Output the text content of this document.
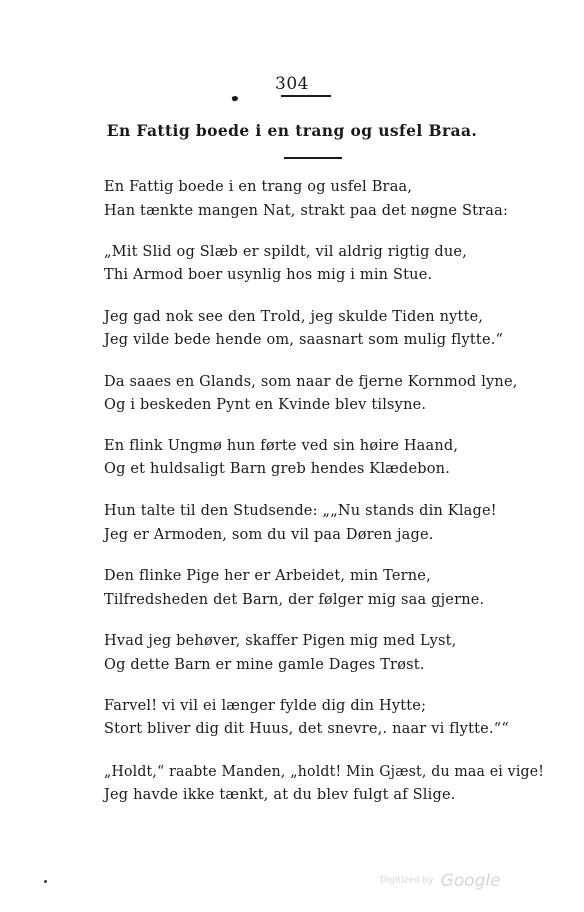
304
En Fattig boede i en trang og usfel Braa.
En Fattig boede i en trang og usfel Braa,
Han tænkte mangen Nat, strakt paa det nøgne Straa:
„Mit Slid og Slæb er spildt, vil aldrig rigtig due,
Thi Armod boer usynlig hos mig i min Stue.
Jeg gad nok see den Trold, jeg skulde Tiden nytte,
Jeg vilde bede hende om, saasnart som mulig flytte.“
Da saaes en Glands, som naar de fjerne Kornmod lyne,
Og i beskeden Pynt en Kvinde blev tilsyne.
En flink Ungmø hun førte ved sin høire Haand,
Og et huldsaligt Barn greb hendes Klædebon.
Hun talte til den Studsende: „„Nu stands din Klage!
Jeg er Armoden, som du vil paa Døren jage.
Den flinke Pige her er Arbeidet, min Terne,
Tilfredsheden det Barn, der følger mig saa gjerne.
Hvad jeg behøver, skaffer Pigen mig med Lyst,
Og dette Barn er mine gamle Dages Trøst.
Farvel! vi vil ei længer fylde dig din Hytte;
Stort bliver dig dit Huus, det snevre,. naar vi flytte.““
„Holdt,“ raabte Manden, „holdt! Min Gjæst, du maa ei vige!
Jeg havde ikke tænkt, at du blev fulgt af Slige.
Digitized by Google
